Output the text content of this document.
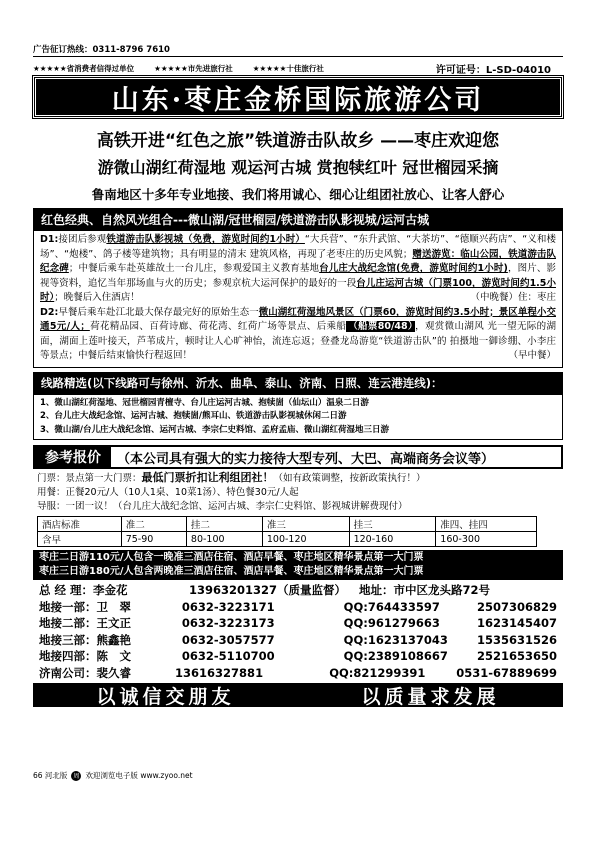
广告征订热线：0311-8796 7610
★★★★★省消费者信得过单位	★★★★★市先进旅行社	★★★★★十佳旅行社	许可证号：L-SD-04010
山东·枣庄金桥国际旅游公司
高铁开进“红色之旅”铁道游击队故乡 ——枣庄欢迎您
游微山湖红荷湿地 观运河古城 赏抱犊红叶 冠世榴园采摘
鲁南地区十多年专业地接、我们将用诚心、细心让组团社放心、让客人舒心
红色经典、自然风光组合---微山湖/冠世榴园/铁道游击队影视城/运河古城

D1:接团后参观铁道游击队影视城（免费，游览时间约1小时）“大兵营”、“东升武馆、“大茶坊”、“德顺兴药店”、“义和楼场”、“炮楼”、鸽子楼等建筑物；具有明显的清末 建筑风格，再现了老枣庄的历史风貌；赠送游览：临山公园，铁道游击队纪念碑；中餐后乘车赴英雄故土一台儿庄，参观爱国主义教育基地台儿庄大战纪念馆(免费，游览时间约1小时)，图片、影视等资料，追忆当年那场血与火的历史；参观京杭大运河保护的最好的一段台儿庄运河古城（门票100，游览时间约1.5小时）；晚餐后入住酒店！	（中晚餐）住：枣庄

D2:早餐后乘车赴江北最大保存最完好的原始生态一微山湖红荷湿地风景区（门票60，游览时间约3.5小时；景区单程小交通5元/人；荷花精品园、百荷诗廊、荷花湾、红荷广场等景点、后乘船 （船票80/48） ，观赏微山湖风 光一望无际的湖面，湖面上莲叶接天，芦苇成片，顿时让人心旷神怡，流连忘返；登叠龙岛游览“铁道游击队”的 拍摄地一御诊绷、小李庄等景点；中餐后结束愉快行程返回！	（早中餐）

线路精选(以下线路可与徐州、沂水、曲阜、泰山、济南、日照、连云港连线)：
1、微山湖红荷湿地、冠世榴园青檀寺、台儿庄运河古城、抱犊崮（仙坛山）温泉二日游
2、台儿庄大战纪念馆、运河古城、抱犊崮/熊耳山、铁道游击队影视城休闲二日游
3、微山湖/台儿庄大战纪念馆、运河古城、李宗仁史料馆、孟府孟庙、微山湖红荷湿地三日游
参考报价	（本公司具有强大的实力接待大型专列、大巴、高端商务会议等）
门票：景点第一大门票：最低门票折扣让利组团社！（如有政策调整，按新政策执行！）
用餐：正餐20元/人（10人1桌、10菜1汤）、特色餐30元/人起
导服：一团一议！（台儿庄大战纪念馆、运河古城、李宗仁史料馆、影视城讲解费现付）
酒店标准	准二	挂二	准三	挂三	准四、挂四
含早	75-90	80-100	100-120	120-160	160-300
枣庄二日游110元/人包含一晚准三酒店住宿、酒店早餐、枣庄地区精华景点第一大门票
枣庄三日游180元/人包含两晚准三酒店住宿、酒店早餐、枣庄地区精华景点第一大门票
总 经 理：李金花	13963201327（质量监督）	地址：市中区龙头路72号
地接一部：卫　翠	0632-3223171	QQ:764433597	2507306829
地接二部：王文正	0632-3223173	QQ:961279663	1623145407
地接三部：熊鑫艳	0632-3057577	QQ:1623137043	1535631526
地接四部：陈　文	0632-5110700	QQ:2389108667	2521653650
济南公司：裴久睿	13616327881	QQ:821299391	0531-67889699
以诚信交朋友	以质量求发展
66 河北版 周 欢迎浏览电子版 www.zyoo.net
